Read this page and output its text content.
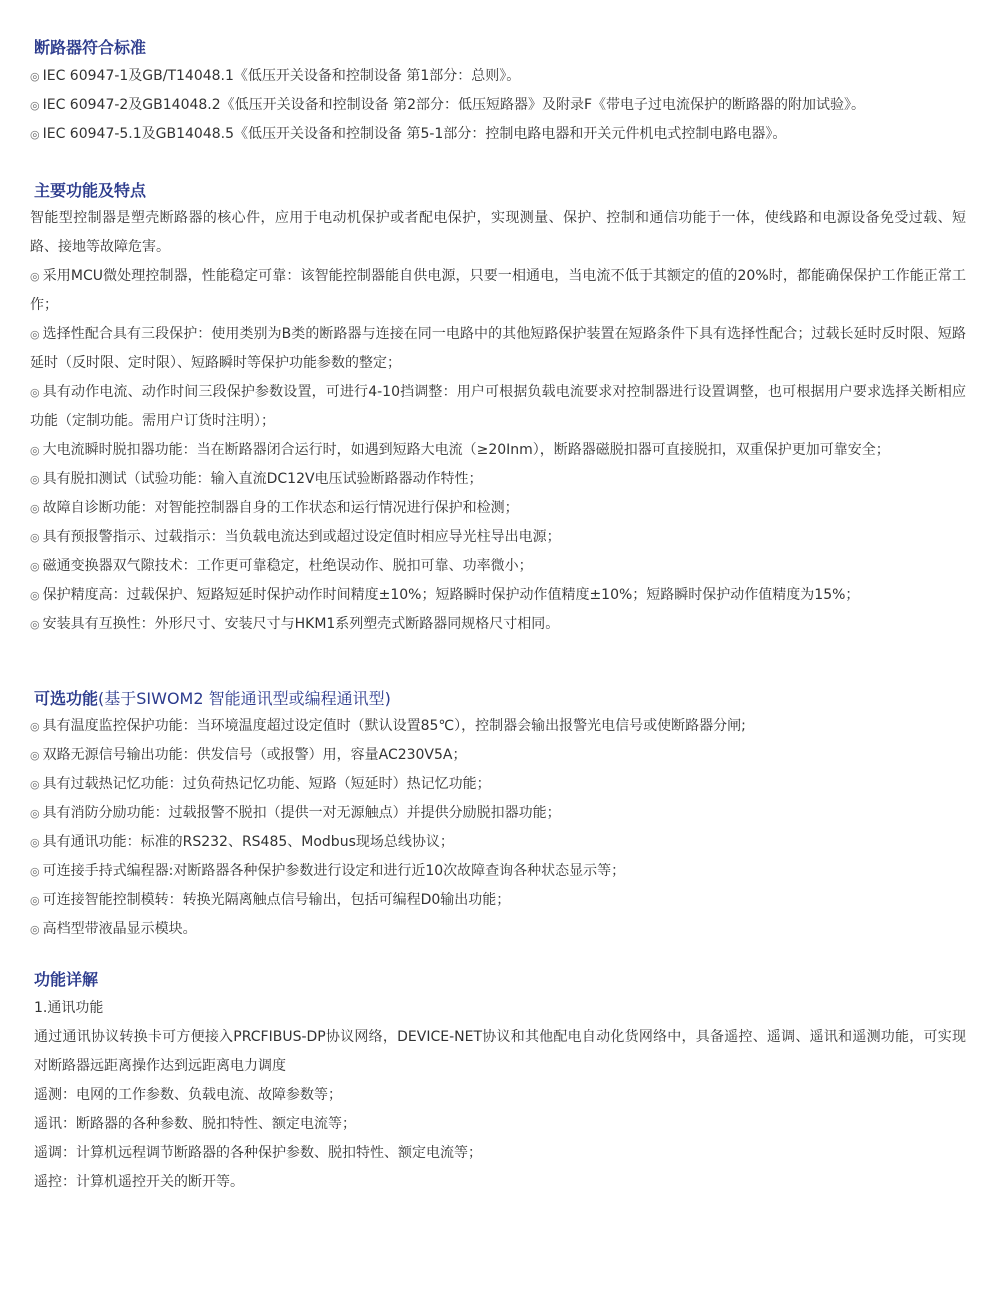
断路器符合标准

◎ IEC 60947-1及GB/T14048.1《低压开关设备和控制设备 第1部分：总则》。

◎ IEC 60947-2及GB14048.2《低压开关设备和控制设备 第2部分：低压短路器》及附录F《带电子过电流保护的断路器的附加试验》。

◎ IEC 60947-5.1及GB14048.5《低压开关设备和控制设备 第5-1部分：控制电路电器和开关元件机电式控制电路电器》。

主要功能及特点

智能型控制器是塑壳断路器的核心件，应用于电动机保护或者配电保护，实现测量、保护、控制和通信功能于一体，使线路和电源设备免受过载、短路、接地等故障危害。

◎ 采用MCU微处理控制器，性能稳定可靠：该智能控制器能自供电源，只要一相通电，当电流不低于其额定的值的20%时，都能确保保护工作能正常工作；

◎ 选择性配合具有三段保护：使用类别为B类的断路器与连接在同一电路中的其他短路保护装置在短路条件下具有选择性配合；过载长延时反时限、短路延时（反时限、定时限）、短路瞬时等保护功能参数的整定；

◎ 具有动作电流、动作时间三段保护参数设置，可进行4-10挡调整：用户可根据负载电流要求对控制器进行设置调整，也可根据用户要求选择关断相应功能（定制功能。需用户订货时注明）；

◎ 大电流瞬时脱扣器功能：当在断路器闭合运行时，如遇到短路大电流（≥20Inm），断路器磁脱扣器可直接脱扣，双重保护更加可靠安全；

◎ 具有脱扣测试（试验功能：输入直流DC12V电压试验断路器动作特性；

◎ 故障自诊断功能：对智能控制器自身的工作状态和运行情况进行保护和检测；

◎ 具有预报警指示、过载指示：当负载电流达到或超过设定值时相应导光柱导出电源；

◎ 磁通变换器双气隙技术：工作更可靠稳定，杜绝误动作、脱扣可靠、功率微小；

◎ 保护精度高：过载保护、短路短延时保护动作时间精度±10%；短路瞬时保护动作值精度±10%；短路瞬时保护动作值精度为15%；

◎ 安装具有互换性：外形尺寸、安装尺寸与HKM1系列塑壳式断路器同规格尺寸相同。

可选功能(基于SIWOM2 智能通讯型或编程通讯型)

◎ 具有温度监控保护功能：当环境温度超过设定值时（默认设置85℃），控制器会输出报警光电信号或使断路器分闸;

◎ 双路无源信号输出功能：供发信号（或报警）用，容量AC230V5A；

◎ 具有过载热记忆功能：过负荷热记忆功能、短路（短延时）热记忆功能；

◎ 具有消防分励功能：过载报警不脱扣（提供一对无源触点）并提供分励脱扣器功能；

◎ 具有通讯功能：标准的RS232、RS485、Modbus现场总线协议；

◎ 可连接手持式编程器:对断路器各种保护参数进行设定和进行近10次故障查询各种状态显示等；

◎ 可连接智能控制模转：转换光隔离触点信号输出，包括可编程D0输出功能；

◎ 高档型带液晶显示模块。

功能详解

1.通讯功能

通过通讯协议转换卡可方便接入PRCFIBUS-DP协议网络，DEVICE-NET协议和其他配电自动化货网络中，具备遥控、遥调、遥讯和遥测功能，可实现对断路器远距离操作达到远距离电力调度

遥测：电网的工作参数、负载电流、故障参数等；

遥讯：断路器的各种参数、脱扣特性、额定电流等；

遥调：计算机远程调节断路器的各种保护参数、脱扣特性、额定电流等；

遥控：计算机遥控开关的断开等。
